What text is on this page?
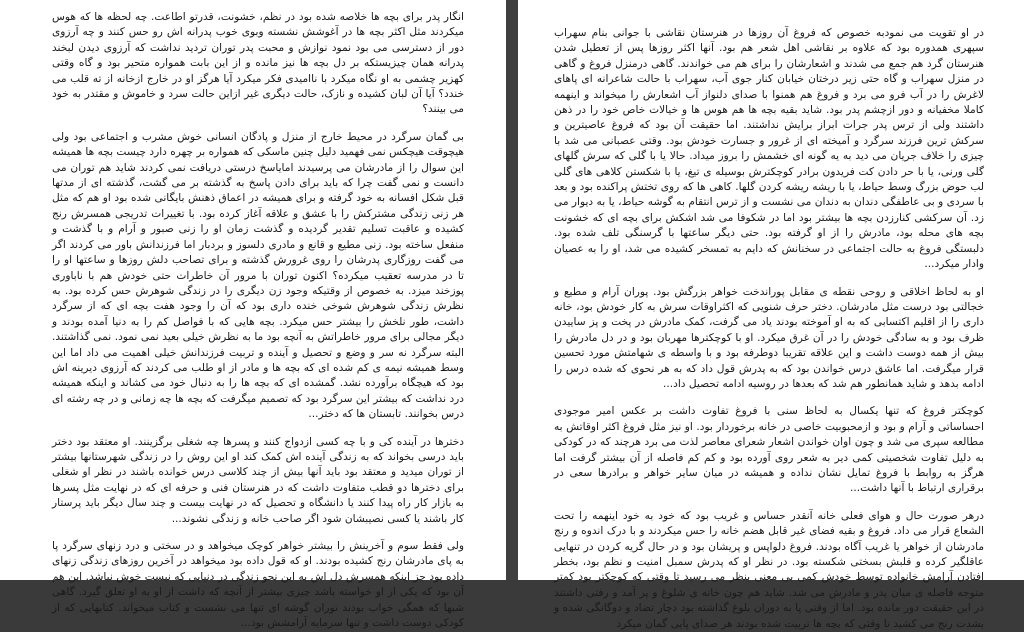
انگار پدر برای بچه ها خلاصه شده بود در نظم، خشونت، قدرتو اطاعت. چه لحظه ها که هوس میکردند مثل اکثر بچه ها در آغوشش نشسته وبوی خوب پدرانه اش رو حس کنند و چه آرزوی دور از دسترسی می بود نمود نوازش و محبت پدر توران تردید نداشت که آرزوی دیدن لبخند پدرانه همان چیزیستکه بر دل بچه ها نیز مانده و از این بابت همواره متحیر بود و گاه وقتی کهزیر چشمی به او نگاه میکرد با ناامیدی فکر میکرد آیا هرگز او در خارج ازخانه از ته قلب می خندد؟ آیا آن لبان کشیده و نازک، حالت دیگری غیر ازاین حالت سرد و خاموش و مقتدر به خود می بینند؟

بی گمان سرگرد در محیط خارج از منزل و پادگان انسانی خوش مشرب و اجتماعی بود ولی هیچوقت هیچکس نمی فهمید دلیل چنین ماسکی که همواره بر چهره دارد چیست بچه ها همیشه این سوال را از مادرشان می پرسیدند امایاسخ درستی دریافت نمی کردند شاید هم توران می دانست و نمی گفت چرا که باید برای دادن پاسخ به گذشته بر می گشت، گذشته ای از مدتها قبل شکل افسانه به خود گرفته و برای همیشه در اعماق ذهنش بایگانی شده بود او هم که مثل هر زنی زندگی مشترکش را با عشق و علاقه آغاز کرده بود. با تغییرات تدریجی همسرش رنج کشیده و عاقبت تسلیم تقدیر گردیده و گذشت زمان او را زنی صبور و آرام و با گذشت و منفعل ساخته بود. زنی مطیع و قانع و مادری دلسوز و بردبار اما فرزندانش باور می کردند اگر می گفت روزگاری پدرشان را روی غرورش گذشته و برای تصاحب دلش روزها و ساعتها او را تا در مدرسه تعقیب میکرده؟ اکنون توران با مرور آن خاطرات حتی خودش هم با ناباوری پوزخند میزد. به خصوص از وقتیکه وجود زن دیگری را در زندگی شوهرش حس کرده بود. به نظرش زندگی شوهرش شوخی خنده داری بود که آن را وجود هفت بچه ای که از سرگرد داشت، طور نلخش را بیشتر حس میکرد. بچه هایی که با فواصل کم را به دنیا آمده بودند و دیگر مجالی برای مرور خاطراتش به آنچه بود ما به نظرش خیلی بعید نمی نمود. نمی گذاشتند. البته سرگرد نه سر و وضع و تحصیل و آینده و تربیت فرزندانش خیلی اهمیت می داد اما این وسط همیشه نیمه ی کم شده ای که بچه ها و مادر از او طلب می کردند که آرزوی دیرینه اش بود که هیچگاه برآورده نشد. گمشده ای که بچه ها را به دنبال خود می کشاند و اینکه همیشه درد نداشت که بیشتر این سرگرد بود که تصمیم میگرفت که بچه ها چه زمانی و در چه رشته ای درس بخوانند. تابستان ها که دختر...

دخترها در آینده کی و با چه کسی ازدواج کنند و پسرها چه شغلی برگزینند. او معتقد بود دختر باید درسی بخواند که به زندگی آینده اش کمک کند او این روش را در زندگی شهرستانها بیشتر از توران میدید و معتقد بود باید آنها بیش از چند کلاسی درس خوانده باشند در نظر او شغلی برای دخترها دو قطب متفاوت داشت که در هنرستان فنی و حرفه ای که در نهایت مثل پسرها به بازار کار راه پیدا کنند یا دانشگاه و تحصیل که در نهایت بیست و چند سال دیگر باید پرستار کار باشند یا کسی نصیبشان شود اگر صاحب خانه و زندگی نشوند...

ولی فقط سوم و آخرینش را بیشتر خواهر کوچک میخواهد و در سختی و درد زنهای سرگرد پا به پای مادرشان رنج کشیده بودند. او که قول داده بود میخواهد در آخرین روزهای زندگی زنهای داده بود جز اینکه همسرش دل اش به این نحو زندگی در دنیایی که نیست خوش نباشد. این هم آن بود که یکی از او خواسته باشد چیزی بیشتر از آنچه که داشت از او به او تعلق گیرد. گاهی شبها که همگی خواب بودند توران گوشه ای تنها می نشست و کتاب میخواند. کتابهایی که از کودکی دوست داشت و تنها سرمایه آرامشش بود...

در او تقویت می نمودبه خصوص که فروغ آن روزها در هنرستان نقاشی با جوانی بنام سهراب سپهری همدوره بود که علاوه بر نقاشی اهل شعر هم بود. آنها اکثر روزها پس از تعطیل شدن هنرستان گرد هم جمع می شدند و اشعارشان را برای هم می خواندند. گاهی درمنزل فروغ و گاهی در منزل سهراب و گاه حتی زیر درختان خیابان کنار جوی آب، سهراب با حالت شاعرانه ای پاهای لاغرش را در آب فرو می برد و فروغ هم همنوا با صدای دلنواز آب اشعارش را میخواند و اینهمه کاملا مخفیانه و دور ازچشم پدر بود. شاید بقیه بچه ها هم هوس ها و خیالات خاص خود را در ذهن داشتند ولی از ترس پدر جرات ابراز برایش نداشتند. اما حقیقت آن بود که فروغ عاصیترین و سرکش ترین فرزند سرگرد و آمیخته ای از غرور و جسارت خودش بود. وقتی عصبانی می شد با چیزی را خلاف جریان می دید به یه گونه ای خشمش را بروز میداد. حالا یا با گلی که سرش گلهای گلی ورنی، یا با حر دادن کت فریدون برادر کوچکترش بوسیله ی تیغ، یا با شکستن کلاهی های گلی لب حوض بزرگ وسط حیاط، یا با ریشه ریشه کردن گلها. کاهی ها که روی تختش پراکنده بود و بعد با سردی و بی عاطفگی دندان به دندان می نشست و از ترس انتقام به گوشه حیاط، یا به دیوار می زد. آن سرکشی کنارزدن بچه ها بیشتر بود اما در شکوفا می شد اشکش برای بچه ای که خشونت بچه های محله بود، مادرش را از او گرفته بود. حتی دیگر ساعتها با گرسنگی تلف شده بود. دلبستگی فروغ به حالت اجتماعی در سخنانش که دایم به تمسخر کشیده می شد، او را به عصیان وادار میکرد...

او به لحاظ اخلاقی و روحی نقطه ی مقابل پوراندخت خواهر بزرگش بود. پوران آرام و مطیع و خجالتی بود درست مثل مادرشان. دختر حرف شنویی که اکثراوقات سرش به کار خودش بود، خانه داری را از اقلیم اکتسابی که به او آموخته بودند یاد می گرفت، کمک مادرش در پخت و پز ساییدن ظرف بود و به سادگی خودش را در آن غرق میکرد. او با کوچکترها مهربان بود و در دل مادرش را بیش از همه دوست داشت و این علاقه تقریبا دوطرفه بود و با واسطه ی شهامتش مورد تحسین قرار میگرفت. اما عاشق درس خواندن بود که به پدرش قول داد که به هر نحوی که شده درس را ادامه بدهد و شاید همانطور هم شد که بعدها در روسیه ادامه تحصیل داد...

کوچکتر فروغ که تنها یکسال به لحاظ سنی با فروغ تفاوت داشت بر عکس امیر موجودی احساساتی و آرام و بود و ازمحبوبیت خاصی در خانه برخوردار بود. او نیز مثل فروغ اکثر اوقاتش به مطالعه سپری می شد و چون اوان خواندن اشعار شعرای معاصر لذت می برد هرچند که در کودکی به دلیل تفاوت شخصیتی کمی دیر به شعر روی آورده بود و کم کم فاصله از آن بیشتر گرفت اما هرگز به روابط با فروغ تمایل نشان نداده و همیشه در میان سایر خواهر و برادرها سعی در برقراری ارتباط با آنها داشت...

درهر صورت حال و هوای فعلی خانه آنقدر حساس و غریب بود که خود به خود اینهمه را تحت الشعاع قرار می داد. فروغ و بقیه فضای غیر قابل هضم خانه را حس میکردند و با درک اندوه و رنج مادرشان از خواهر یا غریب آگاه بودند. فروغ دلواپس و پریشان بود و در حال گریه کردن در تنهایی عاقلگیر کرده و قلبش بسختی شکسته بود. در نظر او که پدرش سمبل امنیت و نظم بود، بخطر افتادن آرامش خانواده توسط خودش کمی بی معنی بنظر می رسید تا وقتی که کوچکتر بود کمتر متوجه فاصله ی میان پدر و مادرش می شد. شاید هم چون خانه ی شلوغ و پر آمد و رفتی داشتند در این حقیقت دور مانده بود. اما از وقتی پا به دوران بلوغ گذاشته بود دچار تضاد و دوگانگی شده و بشدت رنج می کشید تا وقتی که بچه ها تربیت شده بودند هر صدای پایی گمان میکرد
